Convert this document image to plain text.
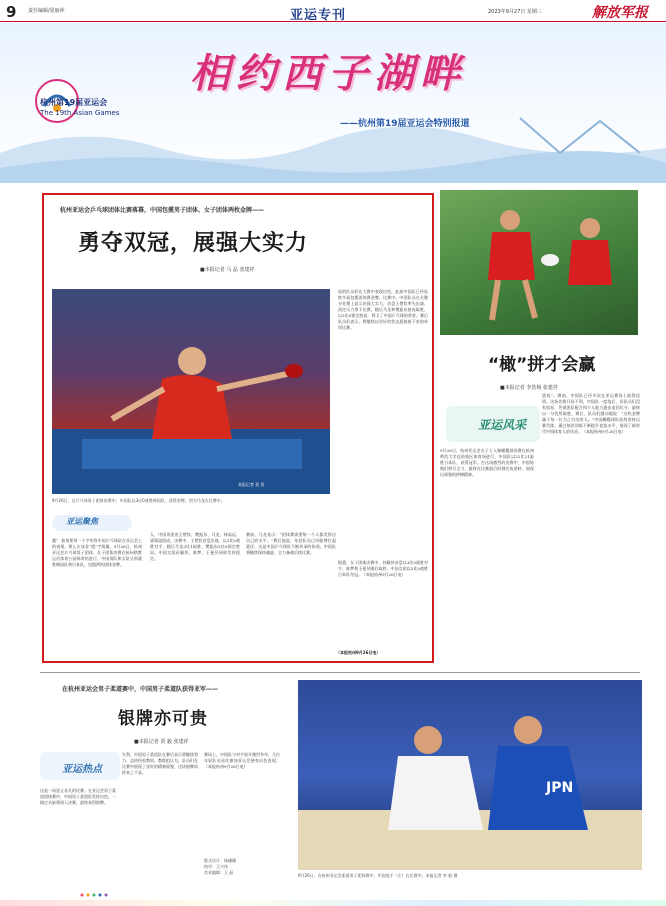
9 责任编辑/夏丽萍	亚运专刊	2023年9月27日 星期三	解放军报
相约西子湖畔
——杭州第19届亚运会特别报道
杭州第19届亚运会
The 19th Asian Games
杭州亚运会乒乓球团体比赛落幕，中国包揽男子团体、女子团体两枚金牌——
勇夺双冠，展强大实力
■本报记者 马 晶 张建祥
本报记者 裴 贺
9月26日，在乒乓球男子团体决赛中，中国队以3比0战胜韩国队，获得金牌。图为马龙在比赛中。
虎的队员们在大赛中表现出色，此前中国队已经连续多届包揽团体赛金牌。比赛中，中国队员在关键分处理上显示出强大实力，首盘王楚钦率先出战，顶住压力拿下比赛，随后马龙和樊振东接连取胜，以3比0锁定胜局，捍卫了中国乒乓球的荣誉。赛后队员们表示，将继续以更好的状态迎接接下来的单项比赛。
亚运聚焦
题！ 如果要用一个字形容中国乒乓球队在亚运会上的表现，那么应该非“稳”字莫属。9月26日，杭州亚运会乒乓球男子团体、女子团体决赛在杭州拱墅运河体育公园体育馆进行，中国男队和女队分别战胜韩国队和日本队，包揽两枚团体金牌。
人，中国男团由王楚钦、樊振东、马龙、林高远、梁靖崑组成。决赛中，王楚钦首盘出战，以3比0战胜对手，随后马龙3比1取胜，樊振东3比0锁定胜局。中国女团孙颖莎、陈梦、王曼昱同样发挥稳定。
赛前，马龙表示：“团体赛需要每一个人都发挥出自己的水平。”赛后他说，年轻队员已经能够扛起重任，这是中国乒乓球队不断传承的体现。中国队将继续保持谦虚，全力备战后续比赛。
据悉，女子团体决赛中，孙颖莎首盘以3比0战胜对手，陈梦和王曼昱随后取胜，中国女团以3比0战胜日本队夺冠。（本报杭州9月26日电）
（本报杭州9月26日电）
“橄”拼才会赢
■本报记者 李浩杨 张建祥
亚运风采
9月26日，杭州亚运会女子七人制橄榄球决赛在杭州师范大学仓前校区体育场进行，中国队以22比21险胜日本队，获得冠军。在这场激烈的决赛中，中国姑娘们拼尽全力，最终在比赛最后时刻完成逆转，展现出顽强的拼搏精神。
游戏”。赛前，中国队已经多次在亚运赛场上取得佳绩。这场比赛开局不利，中国队一度落后，但队员们没有放弃，凭借团队配合和个人能力逐步追回比分，最终以一分优势取胜。赛后，队员们激动地说：“这枚金牌属于每一位为之付出的人。”中国橄榄球队始终坚持以赛代练，通过刻苦训练不断提升竞技水平，展现了新时代中国体育人的风采。（本报杭州9月26日电）
在杭州亚运会男子柔道赛中，中国男子柔道队获得亚军——
银牌亦可贵
■本报记者 贾 毅 张建祥
亚运热点
这是一场意义非凡的比赛。在亚运会男子柔道团体赛中，中国男子柔道队发挥出色，一路过关斩将闯入决赛，最终获得银牌。
失利，中国男子柔道队在赛后表示将继续努力，总结经验教训。教练组认为，队员们在比赛中展现了良好的精神面貌，这块银牌同样来之不易。
赛场上，中国队与对手展开激烈争夺，几位年轻队员首次参加亚运会便有出色表现。（本报杭州9月26日电）
版式设计：杨珊珊
校对：王兴伟
美术编辑：王 晶
JPN
9月26日，在杭州亚运会柔道男子团体赛中，中国选手（左）在比赛中。本报记者 李 毅 摄
